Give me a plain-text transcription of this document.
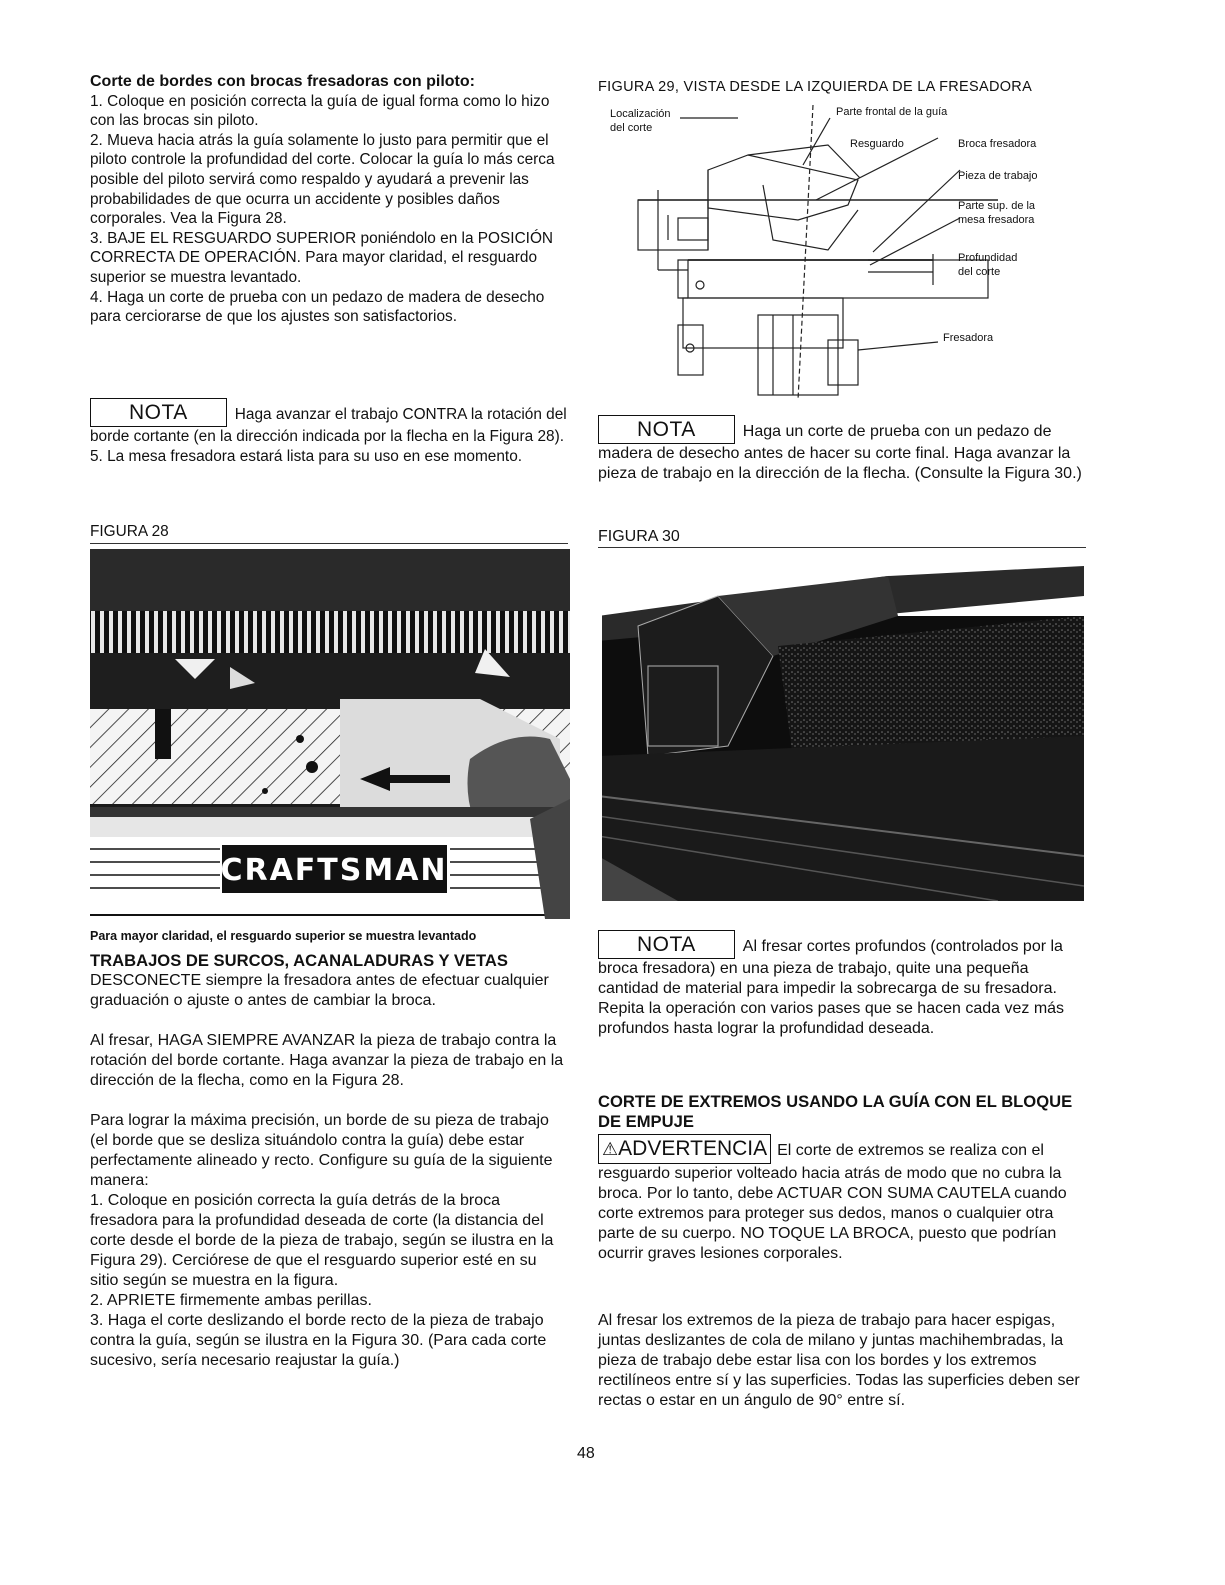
Corte de bordes con brocas fresadoras con piloto:

1. Coloque en posición correcta la guía de igual forma como lo hizo con las brocas sin piloto.

2. Mueva hacia atrás la guía solamente lo justo para permitir que el piloto controle la profundidad del corte. Colocar la guía lo más cerca posible del piloto servirá como respaldo y ayudará a prevenir las probabilidades de que ocurra un accidente y posibles daños corporales. Vea la Figura 28.

3. BAJE EL RESGUARDO SUPERIOR poniéndolo en la POSICIÓN CORRECTA DE OPERACIÓN. Para mayor claridad, el resguardo superior se muestra levantado.

4. Haga un corte de prueba con un pedazo de madera de desecho para cerciorarse de que los ajustes son satisfactorios.

NOTA	Haga avanzar el trabajo CONTRA la rotación del borde cortante (en la dirección indicada por la flecha en la Figura 28).

5. La mesa fresadora estará lista para su uso en ese momento.

FIGURA 28
CRAFTSMAN
Para mayor claridad, el resguardo superior se muestra levantado
TRABAJOS DE SURCOS, ACANALADURAS Y VETAS

DESCONECTE siempre la fresadora antes de efectuar cualquier graduación o ajuste o antes de cambiar la broca.

Al fresar, HAGA SIEMPRE AVANZAR la pieza de trabajo contra la rotación del borde cortante. Haga avanzar la pieza de trabajo en la dirección de la flecha, como en la Figura 28.

Para lograr la máxima precisión, un borde de su pieza de trabajo (el borde que se desliza situándolo contra la guía) debe estar perfectamente alineado y recto. Configure su guía de la siguiente manera:

1. Coloque en posición correcta la guía detrás de la broca fresadora para la profundidad deseada de corte (la distancia del corte desde el borde de la pieza de trabajo, según se ilustra en la Figura 29). Cerciórese de que el resguardo superior esté en su sitio según se muestra en la figura.

2. APRIETE firmemente ambas perillas.

3. Haga el corte deslizando el borde recto de la pieza de trabajo contra la guía, según se ilustra en la Figura 30. (Para cada corte sucesivo, sería necesario reajustar la guía.)

FIGURA 29, VISTA DESDE LA IZQUIERDA DE LA FRESADORA
Localización
del corte
Parte frontal de la guía
Resguardo	Broca fresadora
Pieza de trabajo
Parte sup. de la
mesa fresadora
Profundidad
del corte
Fresadora

NOTA	Haga un corte de prueba con un pedazo de madera de desecho antes de hacer su corte final. Haga avanzar la pieza de trabajo en la dirección de la flecha. (Consulte la Figura 30.)

FIGURA 30

NOTA	Al fresar cortes profundos (controlados por la broca fresadora) en una pieza de trabajo, quite una pequeña cantidad de material para impedir la sobrecarga de su fresadora. Repita la operación con varios pases que se hacen cada vez más profundos hasta lograr la profundidad deseada.

CORTE DE EXTREMOS USANDO LA GUÍA CON EL BLOQUE DE EMPUJE

⚠ADVERTENCIA El corte de extremos se realiza con el resguardo superior volteado hacia atrás de modo que no cubra la broca. Por lo tanto, debe ACTUAR CON SUMA CAUTELA cuando corte extremos para proteger sus dedos, manos o cualquier otra parte de su cuerpo. NO TOQUE LA BROCA, puesto que podrían ocurrir graves lesiones corporales.

Al fresar los extremos de la pieza de trabajo para hacer espigas, juntas deslizantes de cola de milano y juntas machihembradas, la pieza de trabajo debe estar lisa con los bordes y los extremos rectilíneos entre sí y las superficies. Todas las superficies deben ser rectas o estar en un ángulo de 90° entre sí.

48
